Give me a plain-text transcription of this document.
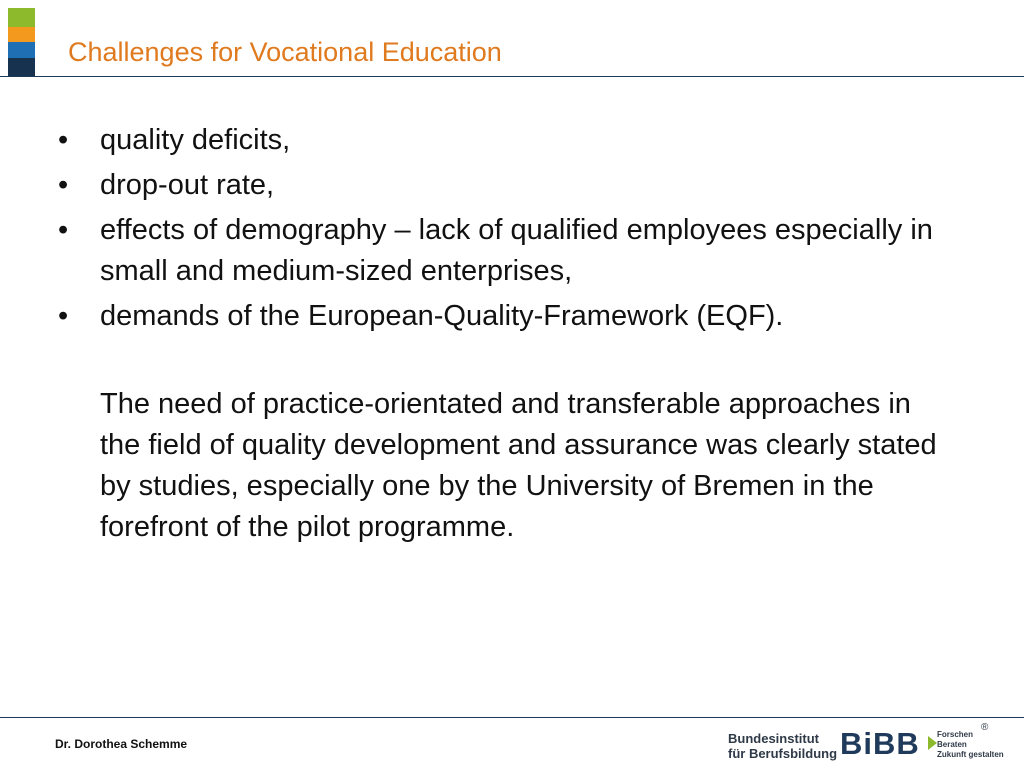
Challenges for Vocational Education
•	quality deficits,
•	drop-out rate,
•	effects of demography – lack of qualified employees especially in small and medium-sized enterprises,
•	demands of the European-Quality-Framework (EQF).
The need of practice-orientated and transferable approaches in the field of quality development and assurance was clearly stated by studies, especially one by the University of Bremen in the forefront of the pilot programme.
Dr. Dorothea Schemme	Bundesinstitut
für Berufsbildung BiBB Forschen
Beraten
Zukunft gestalten
®
